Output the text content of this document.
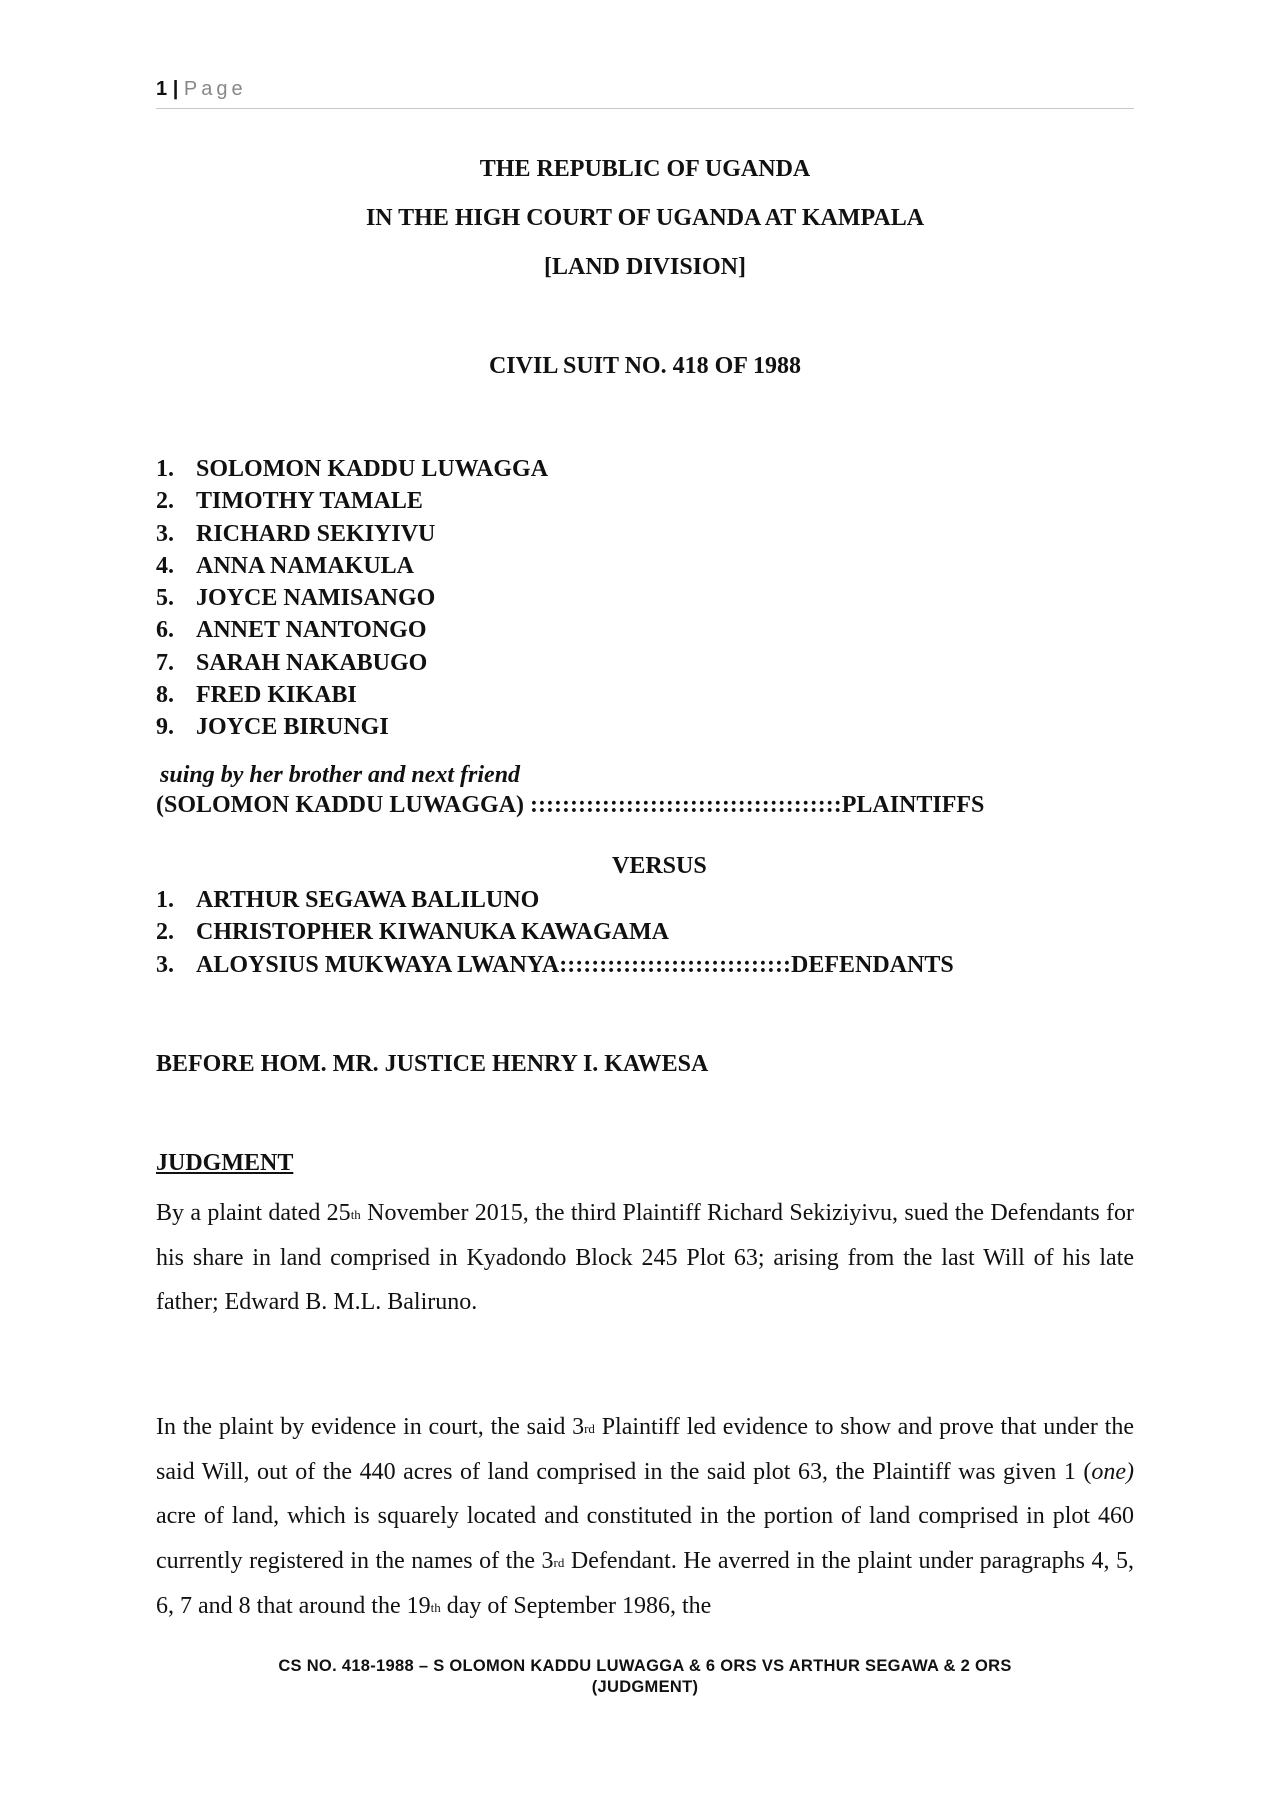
1 | Page
THE REPUBLIC OF UGANDA
IN THE HIGH COURT OF UGANDA AT KAMPALA
[LAND DIVISION]
CIVIL SUIT NO. 418 OF 1988
1. SOLOMON KADDU LUWAGGA
2. TIMOTHY TAMALE
3. RICHARD SEKIYIVU
4. ANNA NAMAKULA
5. JOYCE NAMISANGO
6. ANNET NANTONGO
7. SARAH NAKABUGO
8. FRED KIKABI
9. JOYCE BIRUNGI
suing by her brother and next friend
(SOLOMON KADDU LUWAGGA) :::::::::::::::::::::::::::::::::::::::PLAINTIFFS
VERSUS
1. ARTHUR SEGAWA BALILUNO
2. CHRISTOPHER KIWANUKA KAWAGAMA
3. ALOYSIUS MUKWAYA LWANYA:::::::::::::::::::::::::::::DEFENDANTS
BEFORE HOM. MR. JUSTICE HENRY I. KAWESA
JUDGMENT

By a plaint dated 25th November 2015, the third Plaintiff Richard Sekiziyivu, sued the Defendants for his share in land comprised in Kyadondo Block 245 Plot 63; arising from the last Will of his late father; Edward B. M.L. Baliruno.

In the plaint by evidence in court, the said 3rd Plaintiff led evidence to show and prove that under the said Will, out of the 440 acres of land comprised in the said plot 63, the Plaintiff was given 1 (one) acre of land, which is squarely located and constituted in the portion of land comprised in plot 460 currently registered in the names of the 3rd Defendant. He averred in the plaint under paragraphs 4, 5, 6, 7 and 8 that around the 19th day of September 1986, the

CS NO. 418-1988 – S OLOMON KADDU LUWAGGA & 6 ORS VS ARTHUR SEGAWA & 2 ORS
(JUDGMENT)
